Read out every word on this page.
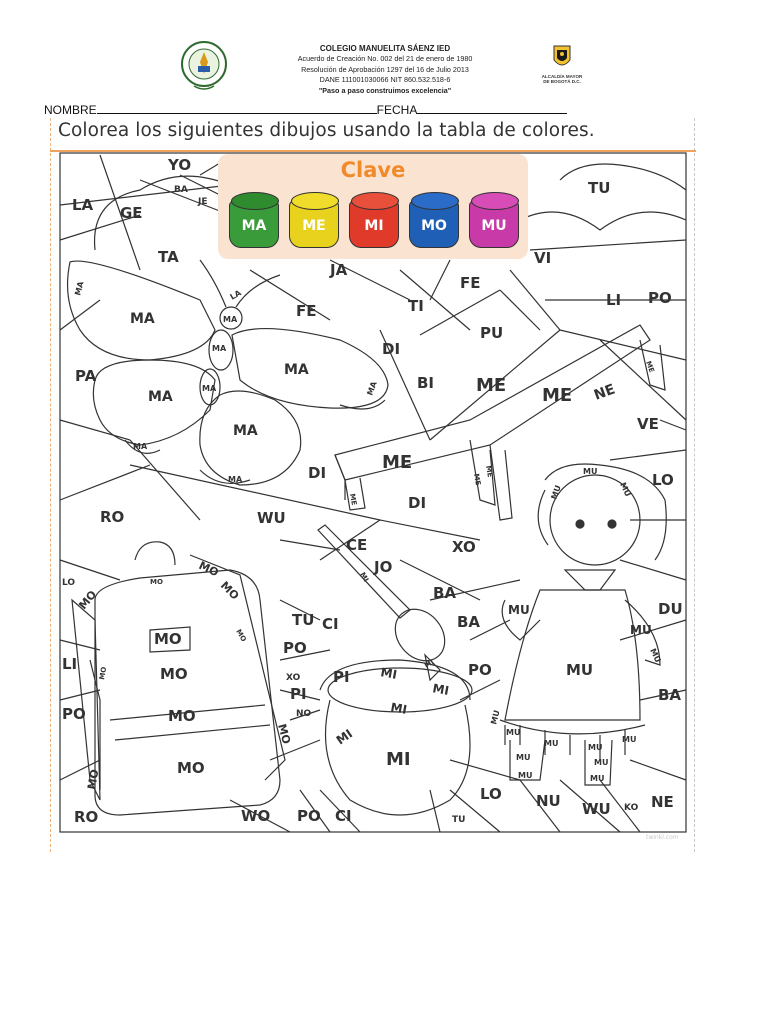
COLEGIO MANUELITA SÁENZ IED
Acuerdo de Creación No. 002 del 21 de enero de 1980
Resolución de Aprobación 1297 del 16 de Julio 2013
DANE 111001030066 NIT 860.532.518-6
"Paso a paso construimos excelencia"
ALCALDÍA MAYOR DE BOGOTÁ D.C.
NOMBRE	FECHA
Colorea los siguientes dibujos usando la tabla de colores.
YO
LA GE
TU
TA
JA
VI
FE
FE	TI	LI PO
PU
DI
PA	BI
VE
LO
DI
DI
RO	WU
CE	XO
JO
BA
BA
DU
TU CI
PO
LI	PO
PI
PI	BA
PO
LO NU	NE
WU
RO	WO PO CI
BA
JE
LO
XO
NO
KO
TU
NE
MA
MA
MA
MA
MA
MA
MA
MA
MA
MA
MA
LA
ME ME
ME
ME
ME
ME
ME
MI
MI
MI
MI
MI
MI
MI
MO
MO
MO
MO
MO
MO
MO
MO
MO
MO
MO
MO
MU
MU
MU
MU
MU	MU
MU
MU
MU	MU
MU
MU
MU
MU	MU
MU
Clave
MA	ME	MI	MO	MU
twinkl.com
